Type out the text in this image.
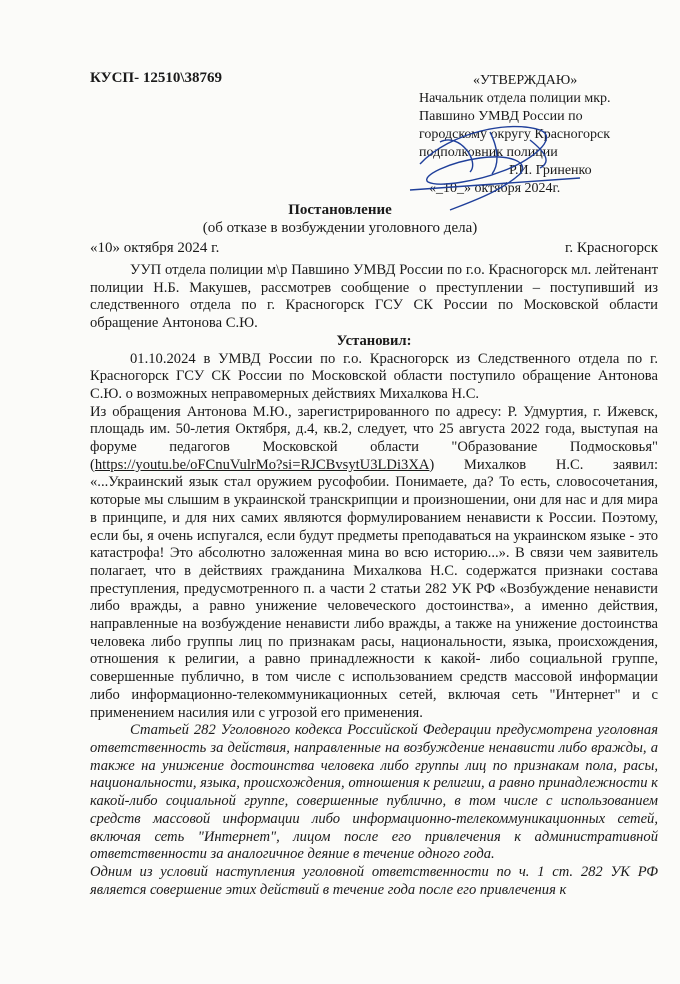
КУСП- 12510\38769	«УТВЕРЖДАЮ»
Начальник отдела полиции мкр.
Павшино УМВД России по
городскому округу Красногорск
подполковник полиции
Р.И. Гриненко
«_10_» октября 2024г.
Постановление
(об отказе в возбуждении уголовного дела)
«10» октября 2024 г.	г. Красногорск

УУП отдела полиции м\р Павшино УМВД России по г.о. Красногорск мл. лейтенант полиции Н.Б. Макушев, рассмотрев сообщение о преступлении – поступивший из следственного отдела по г. Красногорск ГСУ СК России по Московской области обращение Антонова С.Ю.

Установил:

01.10.2024 в УМВД России по г.о. Красногорск из Следственного отдела по г. Красногорск ГСУ СК России по Московской области поступило обращение Антонова С.Ю. о возможных неправомерных действиях Михалкова Н.С.

Из обращения Антонова М.Ю., зарегистрированного по адресу: Р. Удмуртия, г. Ижевск, площадь им. 50-летия Октября, д.4, кв.2, следует, что 25 августа 2022 года, выступая на форуме педагогов Московской области "Образование Подмосковья" (https://youtu.be/oFCnuVulrMo?si=RJCBvsytU3LDi3XA) Михалков Н.С. заявил: «...Украинский язык стал оружием русофобии. Понимаете, да? То есть, словосочетания, которые мы слышим в украинской транскрипции и произношении, они для нас и для мира в принципе, и для них самих являются формулированием ненависти к России. Поэтому, если бы, я очень испугался, если будут предметы преподаваться на украинском языке - это катастрофа! Это абсолютно заложенная мина во всю историю...». В связи чем заявитель полагает, что в действиях гражданина Михалкова Н.С. содержатся признаки состава преступления, предусмотренного п. а части 2 статьи 282 УК РФ «Возбуждение ненависти либо вражды, а равно унижение человеческого достоинства», а именно действия, направленные на возбуждение ненависти либо вражды, а также на унижение достоинства человека либо группы лиц по признакам расы, национальности, языка, происхождения, отношения к религии, а равно принадлежности к какой- либо социальной группе, совершенные публично, в том числе с использованием средств массовой информации либо информационно-телекоммуникационных сетей, включая сеть "Интернет" и с применением насилия или с угрозой его применения.

Статьей 282 Уголовного кодекса Российской Федерации предусмотрена уголовная ответственность за действия, направленные на возбуждение ненависти либо вражды, а также на унижение достоинства человека либо группы лиц по признакам пола, расы, национальности, языка, происхождения, отношения к религии, а равно принадлежности к какой-либо социальной группе, совершенные публично, в том числе с использованием средств массовой информации либо информационно-телекоммуникационных сетей, включая сеть "Интернет", лицом после его привлечения к административной ответственности за аналогичное деяние в течение одного года.

Одним из условий наступления уголовной ответственности по ч. 1 ст. 282 УК РФ является совершение этих действий в течение года после его привлечения к
